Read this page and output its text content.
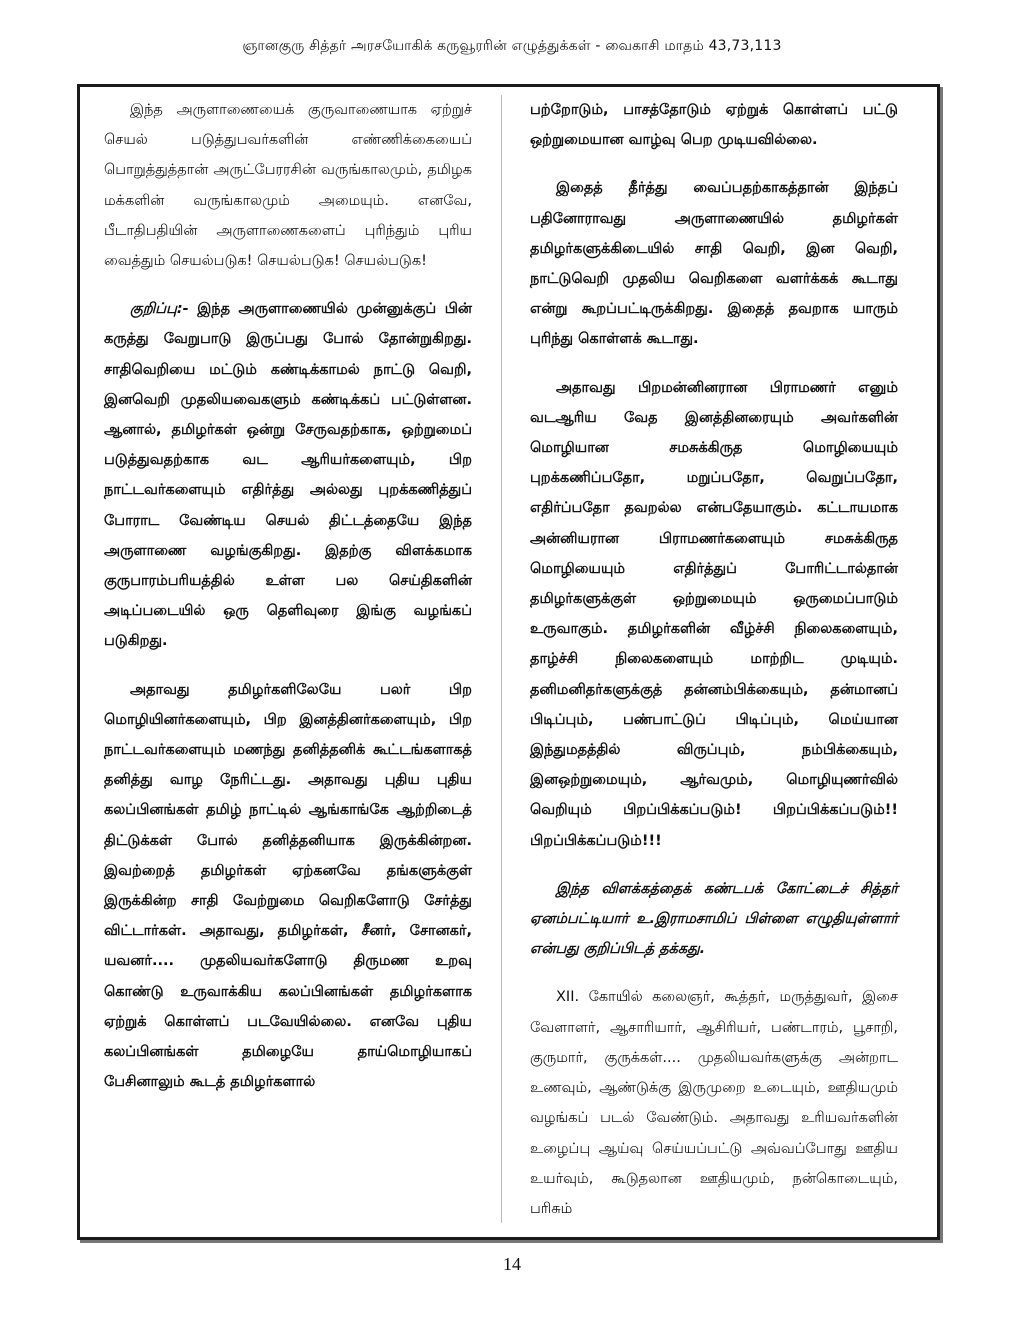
ஞானகுரு சித்தர் அரசயோகிக் கருவூரரின் எழுத்துக்கள் - வைகாசி மாதம் 43,73,113

இந்த அருளாணையைக் குருவாணையாக ஏற்றுச் செயல் படுத்துபவர்களின் எண்ணிக்கையைப் பொறுத்துத்தான் அருட்பேரரசின் வருங்காலமும், தமிழக மக்களின் வருங்காலமும் அமையும். எனவே, பீடாதிபதியின் அருளாணைகளைப் புரிந்தும் புரிய வைத்தும் செயல்படுக! செயல்படுக! செயல்படுக!

குறிப்பு:- இந்த அருளாணையில் முன்னுக்குப் பின் கருத்து வேறுபாடு இருப்பது போல் தோன்றுகிறது. சாதிவெறியை மட்டும் கண்டிக்காமல் நாட்டு வெறி, இனவெறி முதலியவைகளும் கண்டிக்கப் பட்டுள்ளன. ஆனால், தமிழர்கள் ஒன்று சேருவதற்காக, ஒற்றுமைப் படுத்துவதற்காக வட ஆரியர்களையும், பிற நாட்டவர்களையும் எதிர்த்து அல்லது புறக்கணித்துப் போராட வேண்டிய செயல் திட்டத்தையே இந்த அருளாணை வழங்குகிறது. இதற்கு விளக்கமாக குருபாரம்பரியத்தில் உள்ள பல செய்திகளின் அடிப்படையில் ஒரு தெளிவுரை இங்கு வழங்கப் படுகிறது.

அதாவது தமிழர்களிலேயே பலர் பிற மொழியினர்களையும், பிற இனத்தினர்களையும், பிற நாட்டவர்களையும் மணந்து தனித்தனிக் கூட்டங்களாகத் தனித்து வாழ நேரிட்டது. அதாவது புதிய புதிய கலப்பினங்கள் தமிழ் நாட்டில் ஆங்காங்கே ஆற்றிடைத் திட்டுக்கள் போல் தனித்தனியாக இருக்கின்றன. இவற்றைத் தமிழர்கள் ஏற்கனவே தங்களுக்குள் இருக்கின்ற சாதி வேற்றுமை வெறிகளோடு சேர்த்து விட்டார்கள். அதாவது, தமிழர்கள், சீனர், சோனகர், யவனர்.... முதலியவர்களோடு திருமண உறவு கொண்டு உருவாக்கிய கலப்பினங்கள் தமிழர்களாக ஏற்றுக் கொள்ளப் படவேயில்லை. எனவே புதிய கலப்பினங்கள் தமிழையே தாய்மொழியாகப் பேசினாலும் கூடத் தமிழர்களால்

பற்றோடும், பாசத்தோடும் ஏற்றுக் கொள்ளப் பட்டு ஒற்றுமையான வாழ்வு பெற முடியவில்லை.

இதைத் தீர்த்து வைப்பதற்காகத்தான் இந்தப் பதினோராவது அருளாணையில் தமிழர்கள் தமிழர்களுக்கிடையில் சாதி வெறி, இன வெறி, நாட்டுவெறி முதலிய வெறிகளை வளர்க்கக் கூடாது என்று கூறப்பட்டிருக்கிறது. இதைத் தவறாக யாரும் புரிந்து கொள்ளக் கூடாது.

அதாவது பிறமன்னினரான பிராமணர் எனும் வடஆரிய வேத இனத்தினரையும் அவர்களின் மொழியான சமசுக்கிருத மொழியையும் புறக்கணிப்பதோ, மறுப்பதோ, வெறுப்பதோ, எதிர்ப்பதோ தவறல்ல என்பதேயாகும். கட்டாயமாக அன்னியரான பிராமணர்களையும் சமசுக்கிருத மொழியையும் எதிர்த்துப் போரிட்டால்தான் தமிழர்களுக்குள் ஒற்றுமையும் ஒருமைப்பாடும் உருவாகும். தமிழர்களின் வீழ்ச்சி நிலைகளையும், தாழ்ச்சி நிலைகளையும் மாற்றிட முடியும். தனிமனிதர்களுக்குத் தன்னம்பிக்கையும், தன்மானப் பிடிப்பும், பண்பாட்டுப் பிடிப்பும், மெய்யான இந்துமதத்தில் விருப்பும், நம்பிக்கையும், இனஒற்றுமையும், ஆர்வமும், மொழியுணர்வில் வெறியும் பிறப்பிக்கப்படும்! பிறப்பிக்கப்படும்!! பிறப்பிக்கப்படும்!!!

இந்த விளக்கத்தைக் கண்டபக் கோட்டைச் சித்தர் ஏனம்பட்டியார் உ.இராமசாமிப் பிள்ளை எழுதியுள்ளார் என்பது குறிப்பிடத் தக்கது.

XII. கோயில் கலைஞர், கூத்தர், மருத்துவர், இசை வேளாளர், ஆசாரியார், ஆசிரியர், பண்டாரம், பூசாறி, குருமார், குருக்கள்.... முதலியவர்களுக்கு அன்றாட உணவும், ஆண்டுக்கு இருமுறை உடையும், ஊதியமும் வழங்கப் படல் வேண்டும். அதாவது உரியவர்களின் உழைப்பு ஆய்வு செய்யப்பட்டு அவ்வப்போது ஊதிய உயர்வும், கூடுதலான ஊதியமும், நன்கொடையும், பரிசும்

14
